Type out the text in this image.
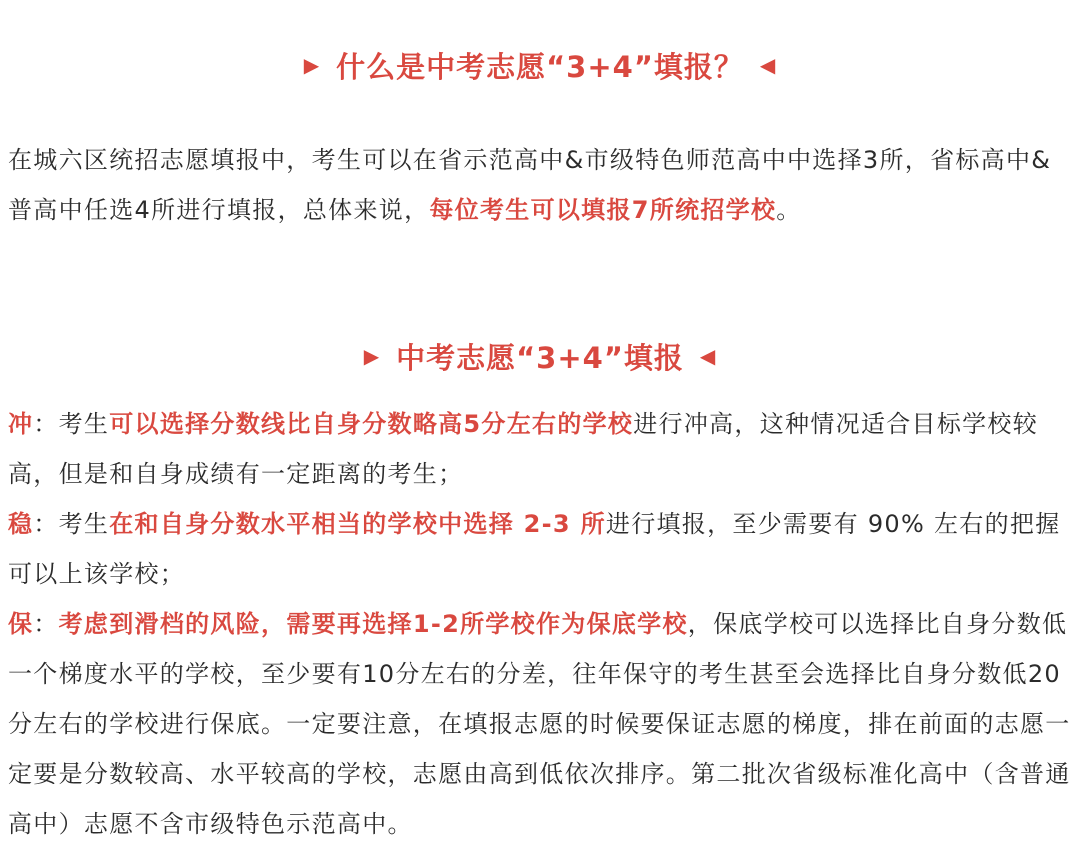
▶ 什么是中考志愿“3+4”填报？ ◀

在城六区统招志愿填报中，考生可以在省示范高中&市级特色师范高中中选择3所，省标高中&普高中任选4所进行填报，总体来说，每位考生可以填报7所统招学校。

▶ 中考志愿“3+4”填报 ◀

冲：考生可以选择分数线比自身分数略高5分左右的学校进行冲高，这种情况适合目标学校较高，但是和自身成绩有一定距离的考生；

稳：考生在和自身分数水平相当的学校中选择 2-3 所进行填报，至少需要有 90% 左右的把握可以上该学校；

保：考虑到滑档的风险，需要再选择1-2所学校作为保底学校，保底学校可以选择比自身分数低一个梯度水平的学校，至少要有10分左右的分差，往年保守的考生甚至会选择比自身分数低20分左右的学校进行保底。一定要注意，在填报志愿的时候要保证志愿的梯度，排在前面的志愿一定要是分数较高、水平较高的学校，志愿由高到低依次排序。第二批次省级标准化高中（含普通高中）志愿不含市级特色示范高中。
